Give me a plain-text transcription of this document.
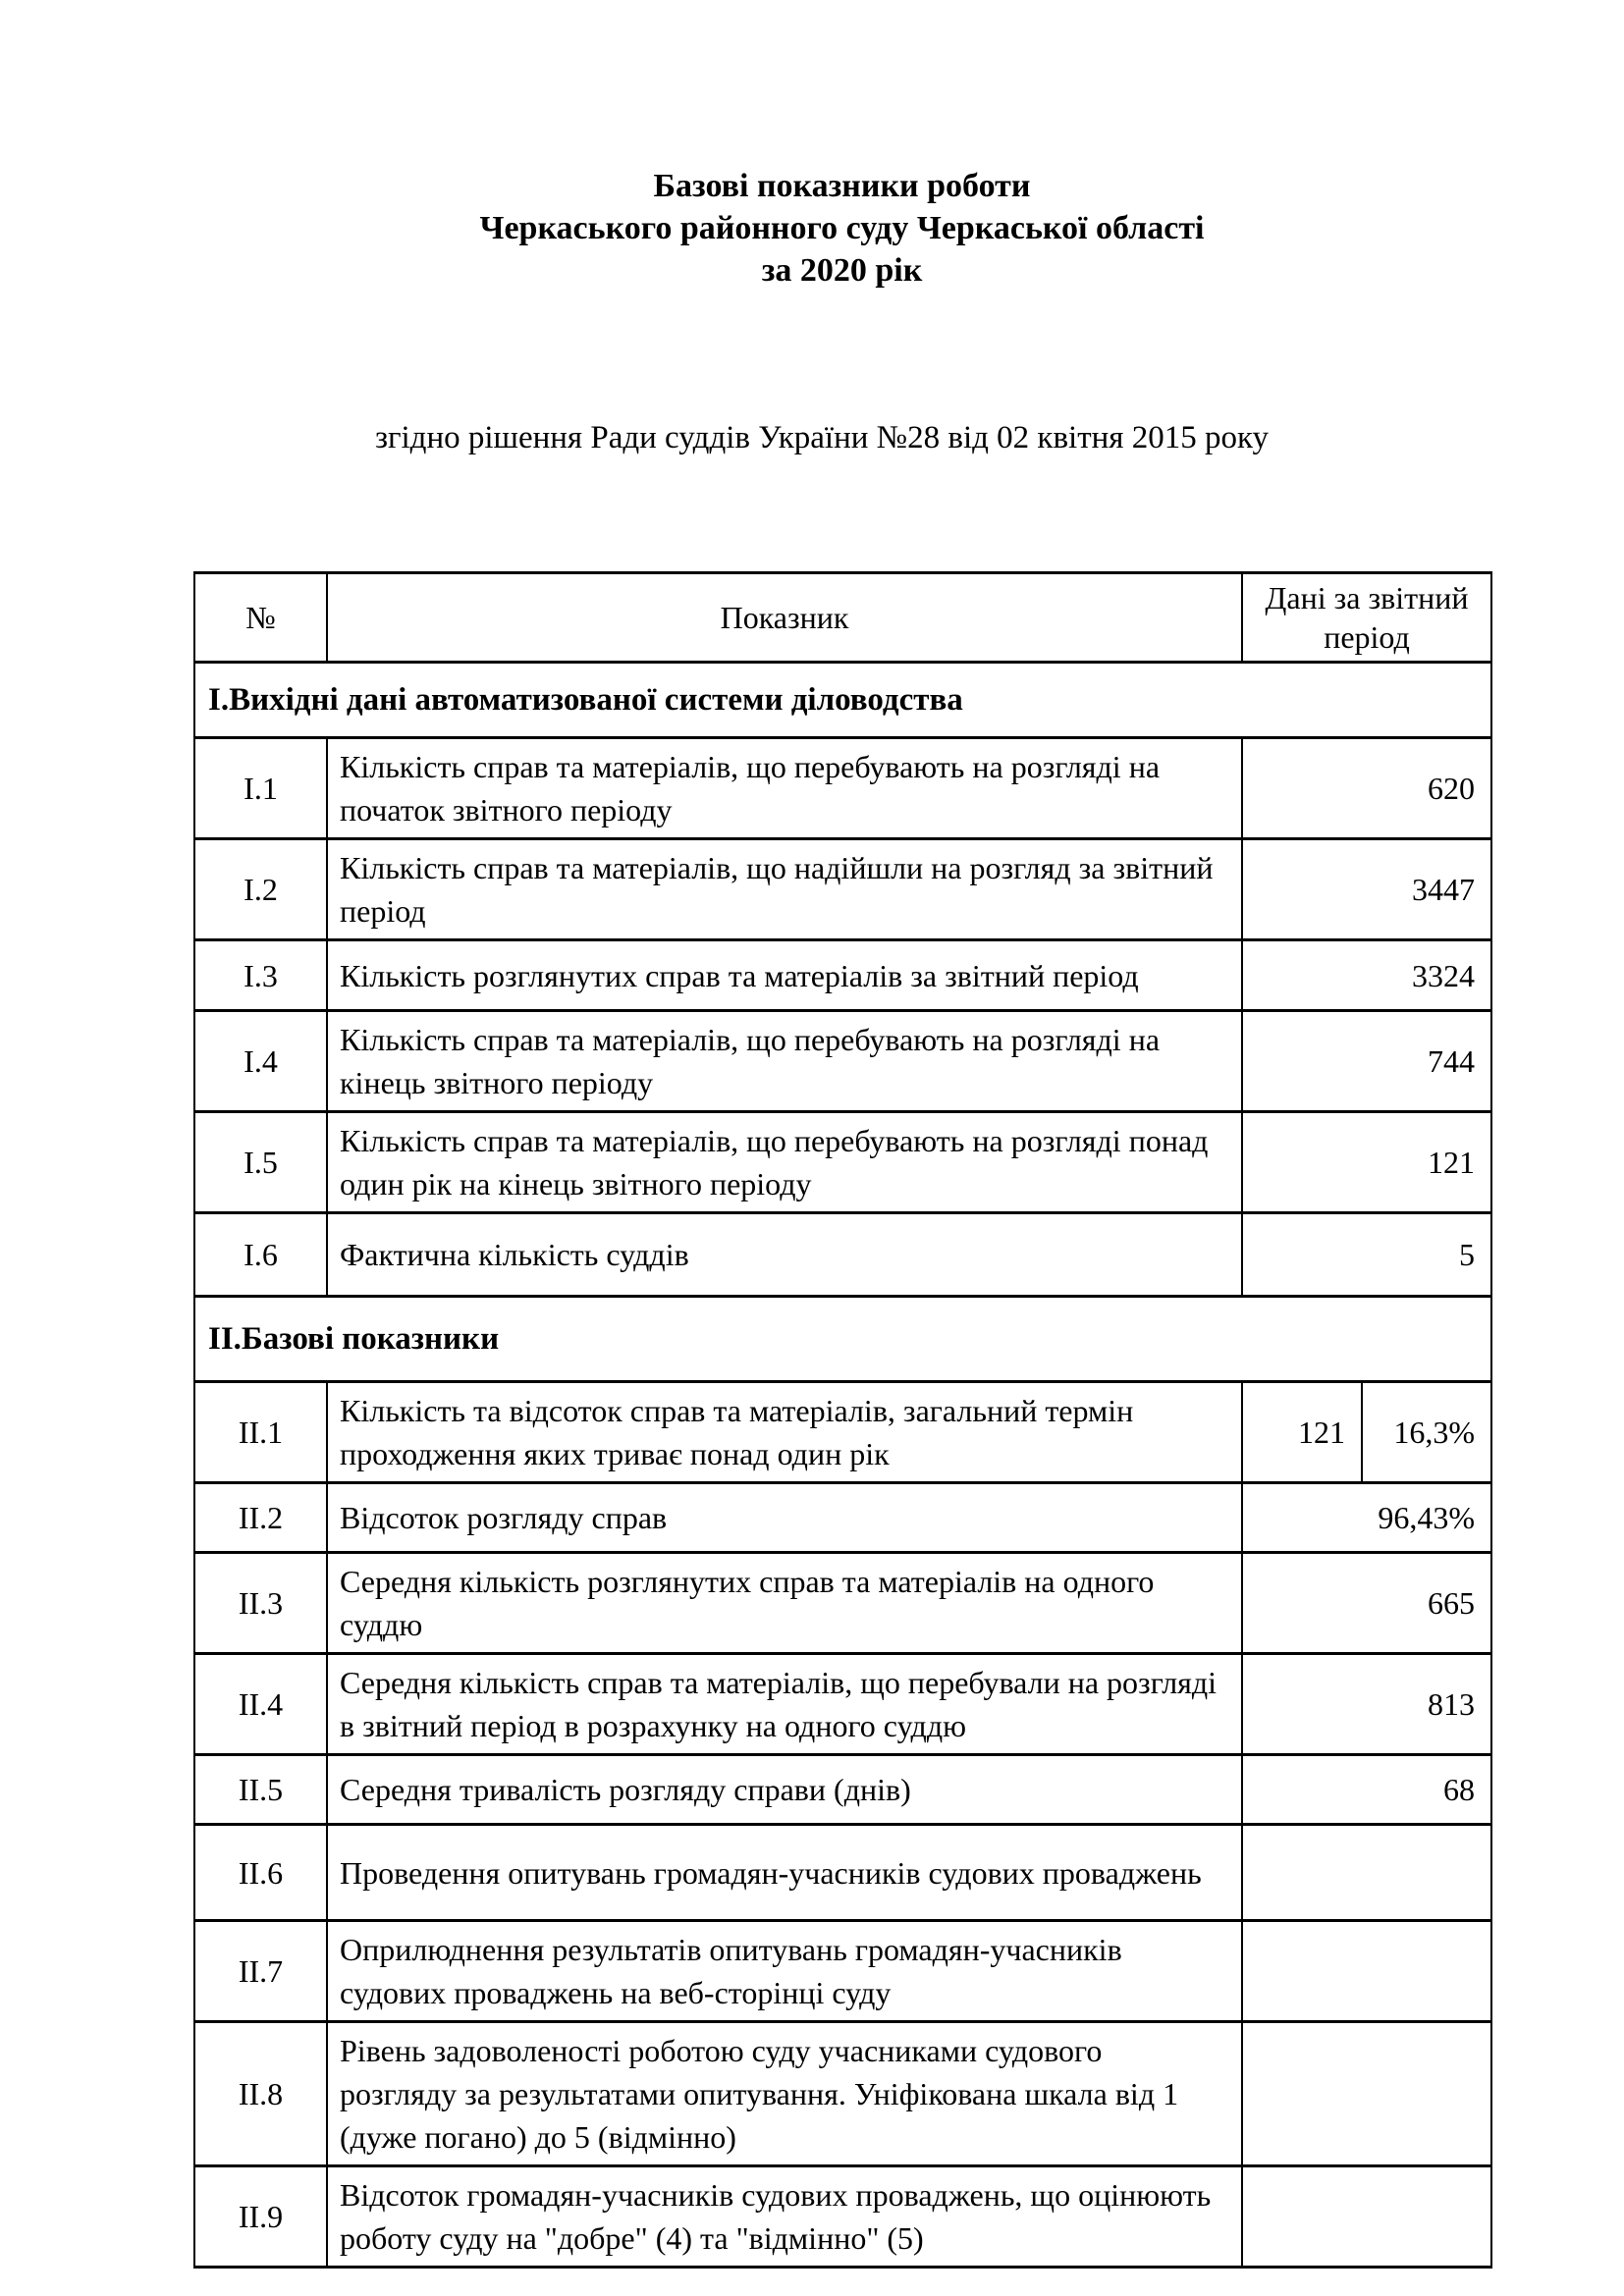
Базові показники роботи
Черкаського районного суду Черкаської області
за 2020 рік
згідно рішення Ради суддів України №28 від 02 квітня 2015 року
№	Показник	Дані за звітний період	
І.Вихідні дані автоматизованої системи діловодства			
І.1	Кількість справ та матеріалів, що перебувають на розгляді на початок звітного періоду	620	
І.2	Кількість справ та матеріалів, що надійшли на розгляд за звітний період	3447	
І.3	Кількість розглянутих справ та матеріалів за звітний період	3324	
І.4	Кількість справ та матеріалів, що перебувають на розгляді на кінець звітного періоду	744	
І.5	Кількість справ та матеріалів, що перебувають на розгляді понад один рік на кінець звітного періоду	121	
І.6	Фактична кількість суддів	5	
ІІ.Базові показники			
ІІ.1	Кількість та відсоток справ та матеріалів, загальний термін проходження яких триває понад один рік	121	16,3%
ІІ.2	Відсоток розгляду справ	96,43%	
ІІ.3	Середня кількість розглянутих справ та матеріалів на одного суддю	665	
ІІ.4	Середня кількість справ та матеріалів, що перебували на розгляді в звітний період в розрахунку на одного суддю	813	
ІІ.5	Середня тривалість розгляду справи (днів)	68	
ІІ.6	Проведення опитувань громадян-учасників судових проваджень		
ІІ.7	Оприлюднення результатів опитувань громадян-учасників судових проваджень на веб-сторінці суду		
ІІ.8	Рівень задоволеності роботою суду учасниками судового розгляду за результатами опитування. Уніфікована шкала від 1 (дуже погано) до 5 (відмінно)		
ІІ.9	Відсоток громадян-учасників судових проваджень, що оцінюють роботу суду на "добре" (4) та "відмінно" (5)		
